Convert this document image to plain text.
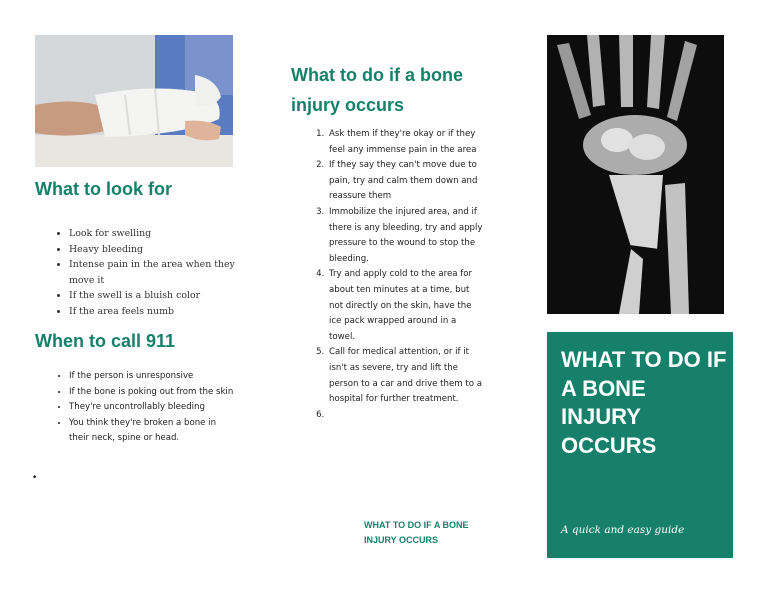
What to look for
• Look for swelling
• Heavy bleeding
• Intense pain in the area when they move it
• If the swell is a bluish color
• If the area feels numb
When to call 911
• If the person is unresponsive
• If the bone is poking out from the skin
• They're uncontrollably bleeding
• You think they're broken a bone in their neck, spine or head.
•
What to do if a bone injury occurs
1. Ask them if they're okay or if they feel any immense pain in the area
2. If they say they can't move due to pain, try and calm them down and reassure them
3. Immobilize the injured area, and if there is any bleeding, try and apply pressure to the wound to stop the bleeding.
4. Try and apply cold to the area for about ten minutes at a time, but not directly on the skin, have the ice pack wrapped around in a towel.
5. Call for medical attention, or if it isn't as severe, try and lift the person to a car and drive them to a hospital for further treatment.
6.
WHAT TO DO IF A BONE INJURY OCCURS
WHAT TO DO IF A BONE INJURY OCCURS
A quick and easy guide
